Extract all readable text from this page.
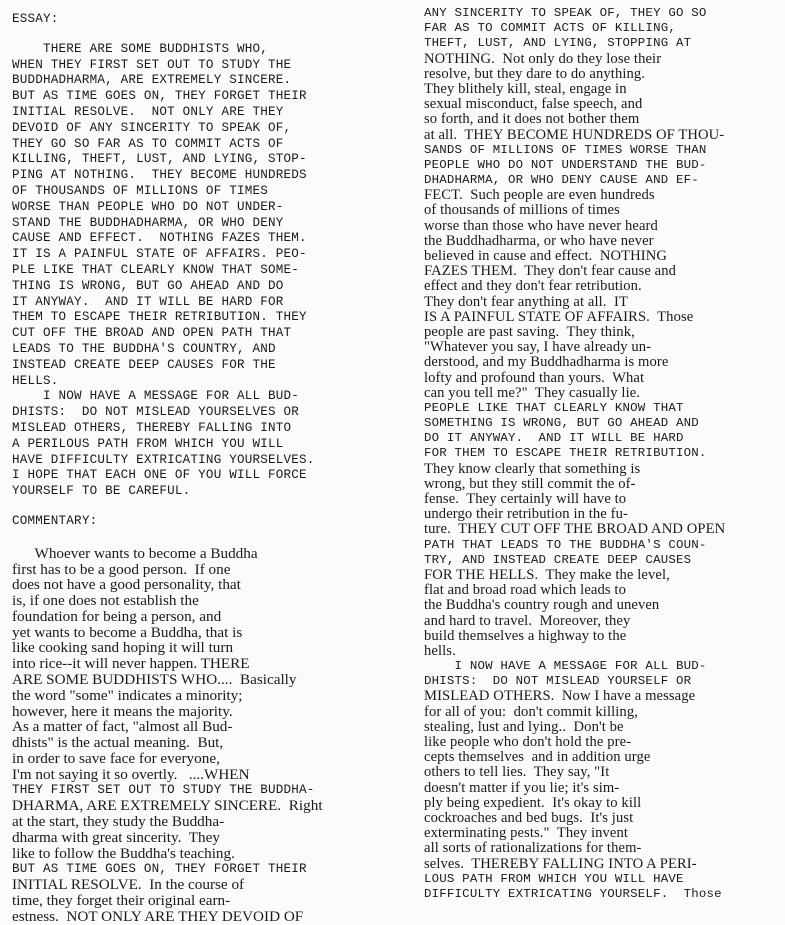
ESSAY:
THERE ARE SOME BUDDHISTS WHO,
WHEN THEY FIRST SET OUT TO STUDY THE
BUDDHADHARMA, ARE EXTREMELY SINCERE.
BUT AS TIME GOES ON, THEY FORGET THEIR
INITIAL RESOLVE.  NOT ONLY ARE THEY
DEVOID OF ANY SINCERITY TO SPEAK OF,
THEY GO SO FAR AS TO COMMIT ACTS OF
KILLING, THEFT, LUST, AND LYING, STOP-
PING AT NOTHING.  THEY BECOME HUNDREDS
OF THOUSANDS OF MILLIONS OF TIMES
WORSE THAN PEOPLE WHO DO NOT UNDER-
STAND THE BUDDHADHARMA, OR WHO DENY
CAUSE AND EFFECT.  NOTHING FAZES THEM.
IT IS A PAINFUL STATE OF AFFAIRS. PEO-
PLE LIKE THAT CLEARLY KNOW THAT SOME-
THING IS WRONG, BUT GO AHEAD AND DO
IT ANYWAY.  AND IT WILL BE HARD FOR
THEM TO ESCAPE THEIR RETRIBUTION. THEY
CUT OFF THE BROAD AND OPEN PATH THAT
LEADS TO THE BUDDHA'S COUNTRY, AND
INSTEAD CREATE DEEP CAUSES FOR THE
HELLS.
I NOW HAVE A MESSAGE FOR ALL BUD-
DHISTS:  DO NOT MISLEAD YOURSELVES OR
MISLEAD OTHERS, THEREBY FALLING INTO
A PERILOUS PATH FROM WHICH YOU WILL
HAVE DIFFICULTY EXTRICATING YOURSELVES.
I HOPE THAT EACH ONE OF YOU WILL FORCE
YOURSELF TO BE CAREFUL.
COMMENTARY:
Whoever wants to become a Buddha
first has to be a good person.  If one
does not have a good personality, that
is, if one does not establish the
foundation for being a person, and
yet wants to become a Buddha, that is
like cooking sand hoping it will turn
into rice--it will never happen. THERE
ARE SOME BUDDHISTS WHO....  Basically
the word "some" indicates a minority;
however, here it means the majority.
As a matter of fact, "almost all Bud-
dhists" is the actual meaning.  But,
in order to save face for everyone,
I'm not saying it so overtly.   ....WHEN
THEY FIRST SET OUT TO STUDY THE BUDDHA-
DHARMA, ARE EXTREMELY SINCERE.  Right
at the start, they study the Buddha-
dharma with great sincerity.  They
like to follow the Buddha's teaching.
BUT AS TIME GOES ON, THEY FORGET THEIR
INITIAL RESOLVE.  In the course of
time, they forget their original earn-
estness.  NOT ONLY ARE THEY DEVOID OF
ANY SINCERITY TO SPEAK OF, THEY GO SO
FAR AS TO COMMIT ACTS OF KILLING,
THEFT, LUST, AND LYING, STOPPING AT
NOTHING.  Not only do they lose their
resolve, but they dare to do anything.
They blithely kill, steal, engage in
sexual misconduct, false speech, and
so forth, and it does not bother them
at all.  THEY BECOME HUNDREDS OF THOU-
SANDS OF MILLIONS OF TIMES WORSE THAN
PEOPLE WHO DO NOT UNDERSTAND THE BUD-
DHADHARMA, OR WHO DENY CAUSE AND EF-
FECT.  Such people are even hundreds
of thousands of millions of times
worse than those who have never heard
the Buddhadharma, or who have never
believed in cause and effect.  NOTHING
FAZES THEM.  They don't fear cause and
effect and they don't fear retribution.
They don't fear anything at all.  IT
IS A PAINFUL STATE OF AFFAIRS.  Those
people are past saving.  They think,
"Whatever you say, I have already un-
derstood, and my Buddhadharma is more
lofty and profound than yours.  What
can you tell me?"  They casually lie.
PEOPLE LIKE THAT CLEARLY KNOW THAT
SOMETHING IS WRONG, BUT GO AHEAD AND
DO IT ANYWAY.  AND IT WILL BE HARD
FOR THEM TO ESCAPE THEIR RETRIBUTION.
They know clearly that something is
wrong, but they still commit the of-
fense.  They certainly will have to
undergo their retribution in the fu-
ture.  THEY CUT OFF THE BROAD AND OPEN
PATH THAT LEADS TO THE BUDDHA'S COUN-
TRY, AND INSTEAD CREATE DEEP CAUSES
FOR THE HELLS.  They make the level,
flat and broad road which leads to
the Buddha's country rough and uneven
and hard to travel.  Moreover, they
build themselves a highway to the
hells.
I NOW HAVE A MESSAGE FOR ALL BUD-
DHISTS:  DO NOT MISLEAD YOURSELF OR
MISLEAD OTHERS.  Now I have a message
for all of you:  don't commit killing,
stealing, lust and lying..  Don't be
like people who don't hold the pre-
cepts themselves  and in addition urge
others to tell lies.  They say, "It
doesn't matter if you lie; it's sim-
ply being expedient.  It's okay to kill
cockroaches and bed bugs.  It's just
exterminating pests."  They invent
all sorts of rationalizations for them-
selves.  THEREBY FALLING INTO A PERI-
LOUS PATH FROM WHICH YOU WILL HAVE
DIFFICULTY EXTRICATING YOURSELF.  Those
